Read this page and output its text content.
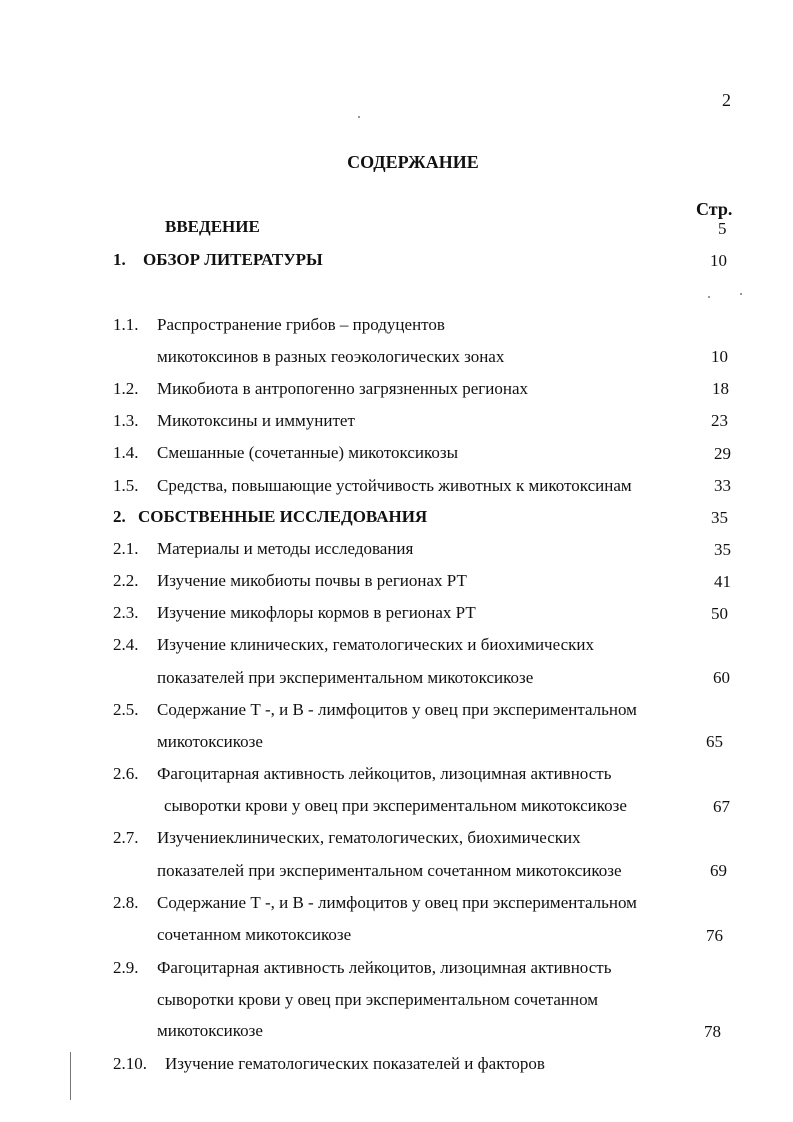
2
СОДЕРЖАНИЕ
Стр.
ВВЕДЕНИЕ	5
1. ОБЗОР ЛИТЕРАТУРЫ	10
1.1. Распространение грибов – продуцентов
микотоксинов в разных геоэкологических зонах	10
1.2. Микобиота в антропогенно загрязненных регионах	18
1.3. Микотоксины и иммунитет	23
1.4. Смешанные (сочетанные) микотоксикозы	29
1.5. Средства, повышающие устойчивость животных к микотоксинам	33
2. СОБСТВЕННЫЕ ИССЛЕДОВАНИЯ	35
2.1. Материалы и методы исследования	35
2.2. Изучение микобиоты почвы в регионах РТ	41
2.3. Изучение микофлоры кормов в регионах РТ	50
2.4. Изучение клинических, гематологических и биохимических
показателей при экспериментальном микотоксикозе	60
2.5. Содержание Т -, и В - лимфоцитов у овец при экспериментальном
микотоксикозе	65
2.6. Фагоцитарная активность лейкоцитов, лизоцимная активность
сыворотки крови у овец при экспериментальном микотоксикозе	67
2.7. Изучениеклинических, гематологических, биохимических
показателей при экспериментальном сочетанном микотоксикозе	69
2.8. Содержание Т -, и В - лимфоцитов у овец при экспериментальном
сочетанном микотоксикозе	76
2.9. Фагоцитарная активность лейкоцитов, лизоцимная активность
сыворотки крови у овец при экспериментальном сочетанном
микотоксикозе	78
2.10. Изучение гематологических показателей и факторов
